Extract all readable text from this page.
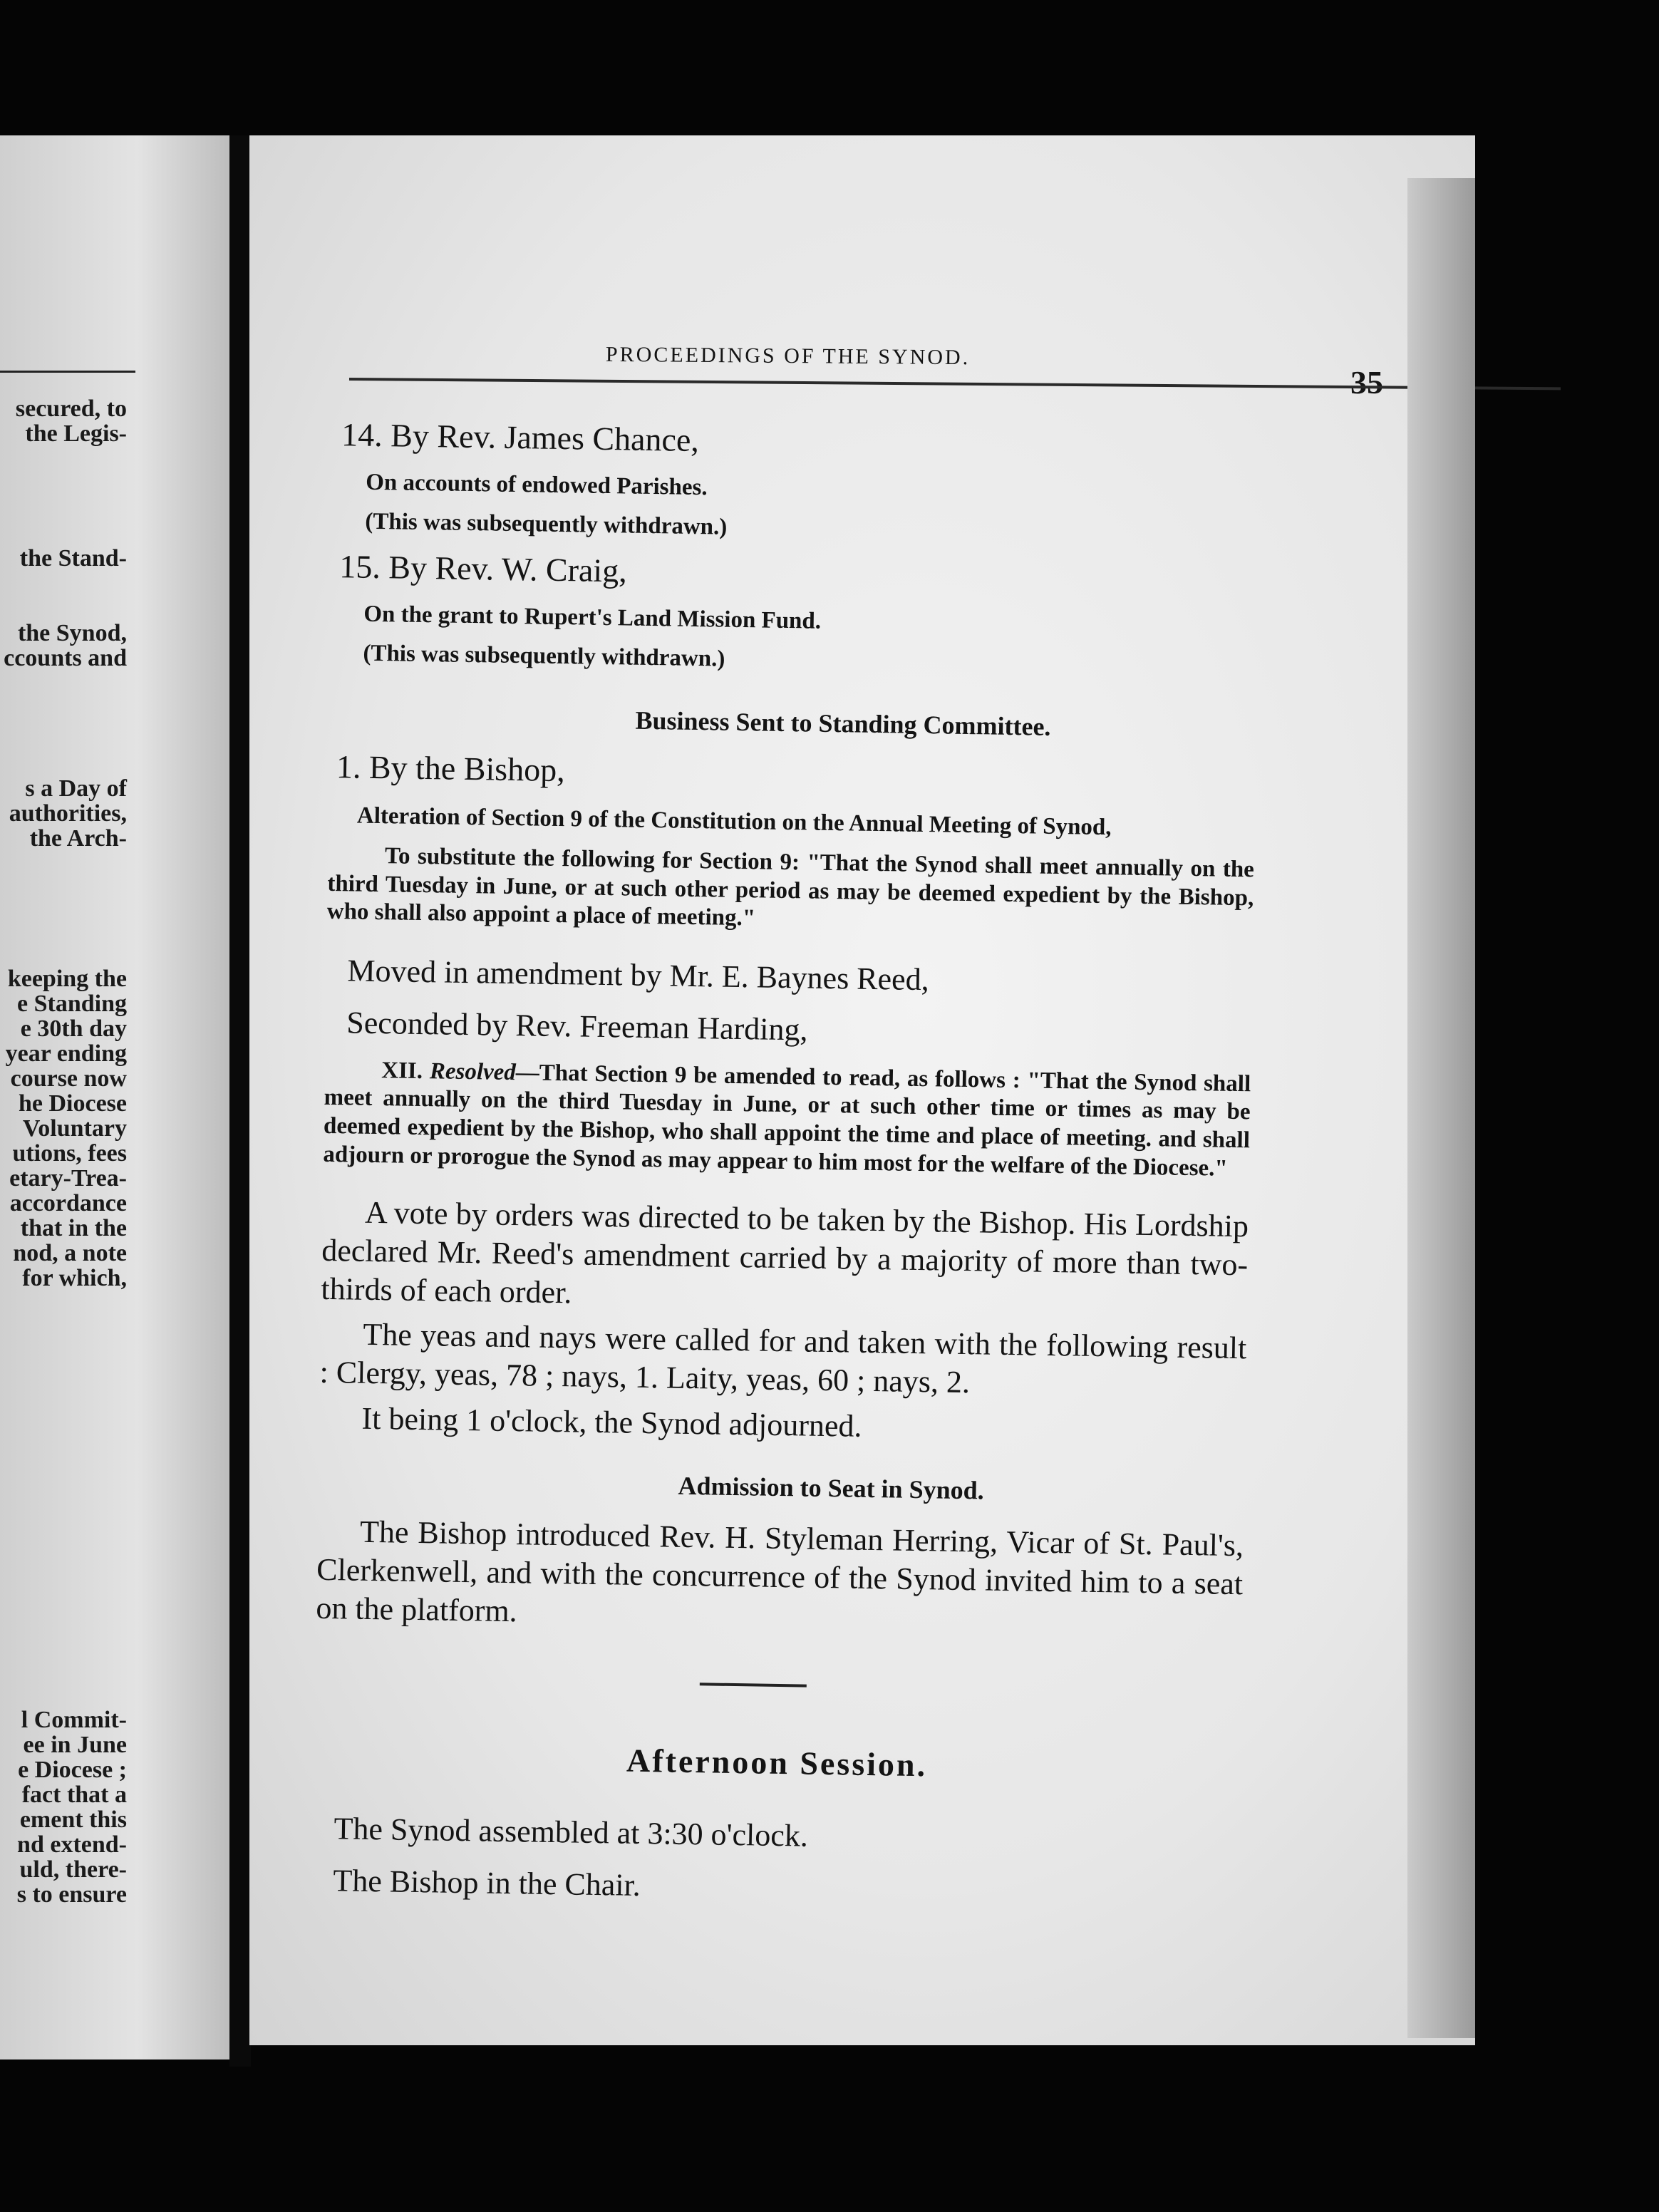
secured, to
the Legis-
the Stand-
the Synod,
ccounts and
s a Day of
authorities,
the Arch-
keeping the
e Standing
e 30th day
year ending
course now
he Diocese
Voluntary
utions, fees
etary-Trea-
accordance
that in the
nod, a note
for which,
l Commit-
ee in June
e Diocese ;
fact that a
ement this
nd extend-
uld, there-
s to ensure
PROCEEDINGS OF THE SYNOD.
35
14. By Rev. James Chance,
On accounts of endowed Parishes.
(This was subsequently withdrawn.)
15. By Rev. W. Craig,
On the grant to Rupert's Land Mission Fund.
(This was subsequently withdrawn.)
Business Sent to Standing Committee.
1. By the Bishop,
Alteration of Section 9 of the Constitution on the Annual Meeting of Synod,

To substitute the following for Section 9: "That the Synod shall meet annually on the third Tuesday in June, or at such other period as may be deemed expedient by the Bishop, who shall also appoint a place of meeting."

Moved in amendment by Mr. E. Baynes Reed,
Seconded by Rev. Freeman Harding,

XII. Resolved—That Section 9 be amended to read, as follows : "That the Synod shall meet annually on the third Tuesday in June, or at such other time or times as may be deemed expedient by the Bishop, who shall appoint the time and place of meeting. and shall adjourn or prorogue the Synod as may appear to him most for the welfare of the Diocese."

A vote by orders was directed to be taken by the Bishop. His Lordship declared Mr. Reed's amendment carried by a majority of more than two-thirds of each order.

The yeas and nays were called for and taken with the following result : Clergy, yeas, 78 ; nays, 1. Laity, yeas, 60 ; nays, 2.

It being 1 o'clock, the Synod adjourned.

Admission to Seat in Synod.

The Bishop introduced Rev. H. Styleman Herring, Vicar of St. Paul's, Clerkenwell, and with the concurrence of the Synod invited him to a seat on the platform.

Afternoon Session.
The Synod assembled at 3:30 o'clock.
The Bishop in the Chair.
